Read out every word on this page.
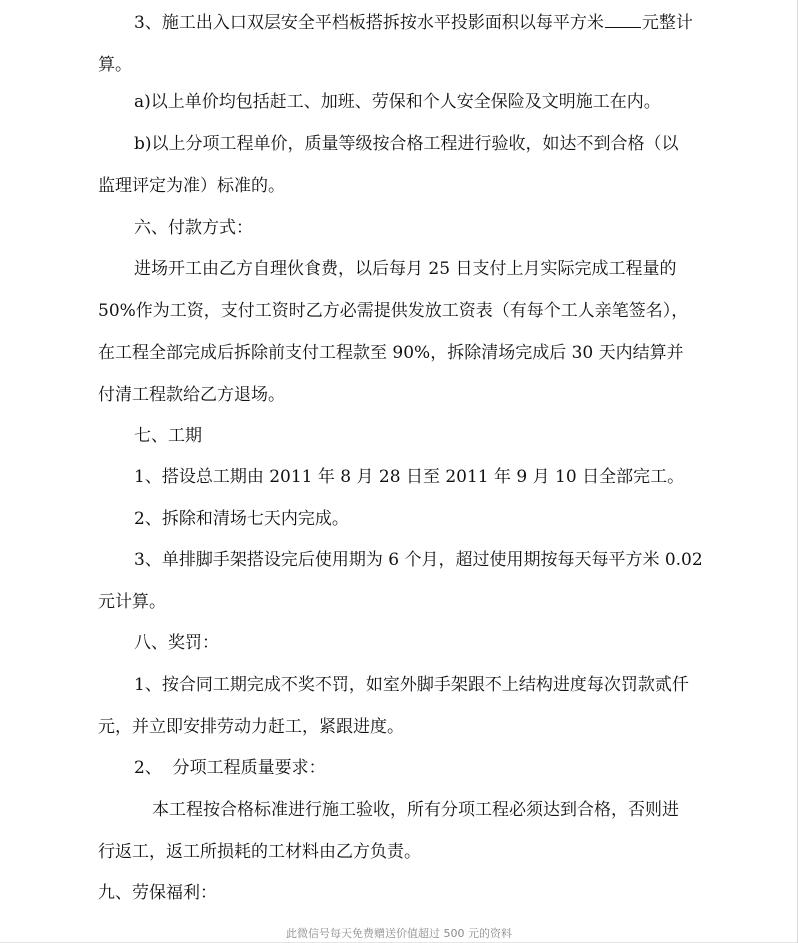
3、施工出入口双层安全平档板搭拆按水平投影面积以每平方米 元整计
算。
a)以上单价均包括赶工、加班、劳保和个人安全保险及文明施工在内。
b)以上分项工程单价，质量等级按合格工程进行验收，如达不到合格（以
监理评定为准）标准的。
六、付款方式：
进场开工由乙方自理伙食费，以后每月 25 日支付上月实际完成工程量的
50%作为工资，支付工资时乙方必需提供发放工资表（有每个工人亲笔签名），
在工程全部完成后拆除前支付工程款至 90%，拆除清场完成后 30 天内结算并
付清工程款给乙方退场。
七、工期
1、搭设总工期由 2011 年 8 月 28 日至 2011 年 9 月 10 日全部完工。
2、拆除和清场七天内完成。
3、单排脚手架搭设完后使用期为 6 个月，超过使用期按每天每平方米 0.02
元计算。
八、奖罚：
1、按合同工期完成不奖不罚，如室外脚手架跟不上结构进度每次罚款贰仟
元，并立即安排劳动力赶工，紧跟进度。
2、  分项工程质量要求：
本工程按合格标准进行施工验收，所有分项工程必须达到合格，否则进
行返工，返工所损耗的工材料由乙方负责。
九、劳保福利：
此微信号每天免费赠送价值超过 500 元的资料
